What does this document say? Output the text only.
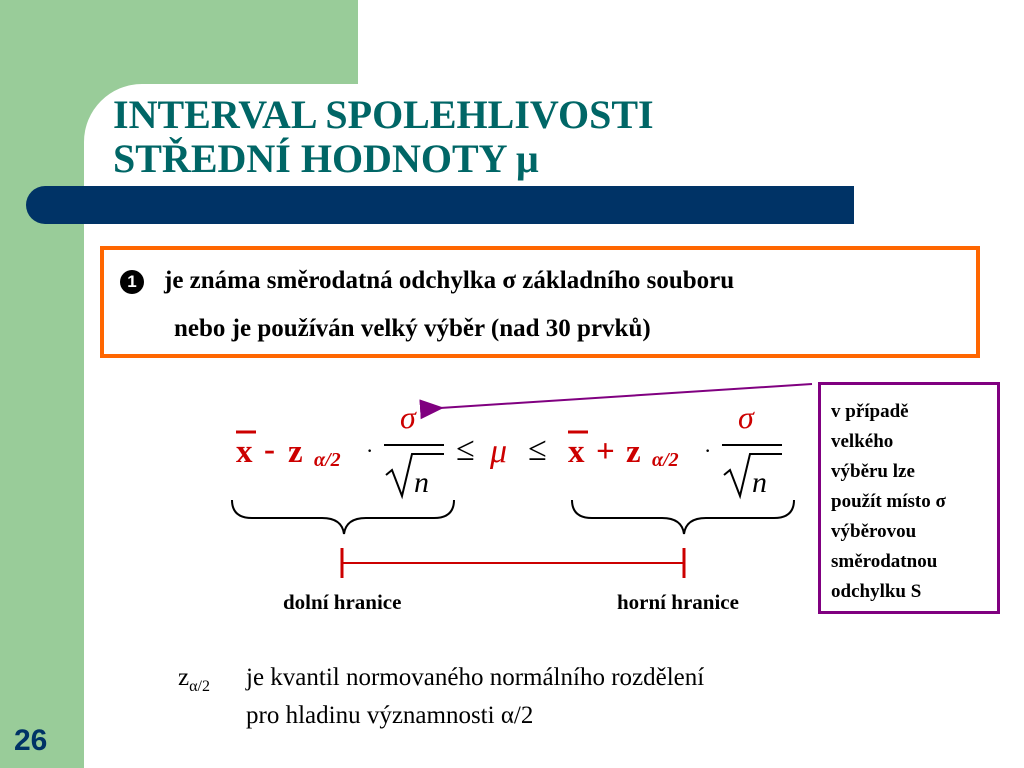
INTERVAL SPOLEHLIVOSTI
STŘEDNÍ HODNOTY μ
1 je známa směrodatná odchylka σ základního souboru
nebo je používán velký výběr (nad 30 prvků)
v případě
velkého
výběru lze
použít místo σ
výběrovou
směrodatnou
odchylku S
x - z α/2 ·
σ
n
≤ μ ≤ x + z α/2 ·
σ
n
dolní hranice	horní hranice
$z_{\alpha/2}$ je kvantil normovaného normálního rozdělení
pro hladinu významnosti α/2
26
